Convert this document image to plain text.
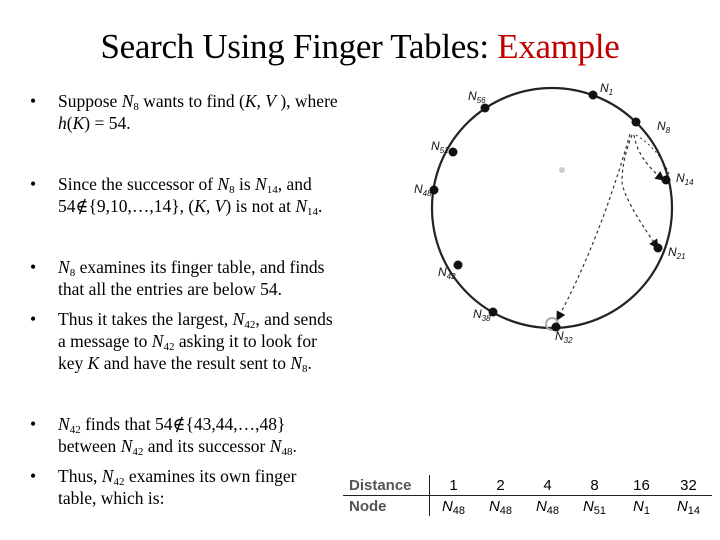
Search Using Finger Tables: Example
• Suppose $N_8$ wants to find (K, V ), where
h(K) = 54.
• Since the successor of $N_8$ is $N_{14}$, and
54∉{9,10,…,14}, (K, V) is not at $N_{14}$.
• $N_8$ examines its finger table, and finds
that all the entries are below 54.
• Thus it takes the largest, $N_{42}$, and sends
a message to $N_{42}$ asking it to look for
key K and have the result sent to $N_8$.
• $N_{42}$ finds that 54∉{43,44,…,48}
between $N_{42}$ and its successor $N_{48}$.
• Thus, $N_{42}$ examines its own finger
table, which is:
$N_1$
$N_8$
$N_{14}$
$N_{21}$
$N_{32}$
$N_{38}$
$N_{42}$
$N_{48}$
$N_{51}$
$N_{56}$
Distance	1	2	4	8	16	32
Node	$N_{48}$	$N_{48}$	$N_{48}$	$N_{51}$	$N_1$	$N_{14}$
